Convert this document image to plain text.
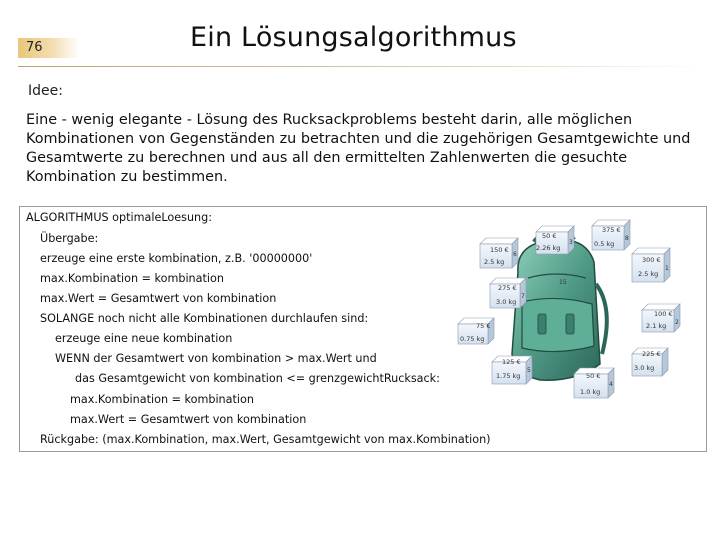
76	Ein Lösungsalgorithmus
Idee:
Eine - wenig elegante - Lösung des Rucksackproblems besteht darin, alle möglichen Kombinationen von Gegenständen zu betrachten und die zugehörigen Gesamtgewichte und Gesamtwerte zu berechnen und aus all den ermittelten Zahlenwerten die gesuchte Kombination zu bestimmen.
ALGORITHMUS optimaleLoesung:
Übergabe:
erzeuge eine erste kombination, z.B. '00000000'
max.Kombination = kombination
max.Wert = Gesamtwert von kombination
SOLANGE noch nicht alle Kombinationen durchlaufen sind:
erzeuge eine neue kombination
WENN der Gesamtwert von kombination > max.Wert und
das Gesamtgewicht von kombination <= grenzgewichtRucksack:
max.Kombination = kombination
max.Wert = Gesamtwert von kombination
Rückgabe: (max.Kombination, max.Wert, Gesamtgewicht von max.Kombination)
15
50 €
2.26 kg
3
375 €
0.5 kg
8
150 €
2.5 kg
6
300 €
2.5 kg
1
275 €
3.0 kg
7
100 €
2.1 kg 2
75 €
0.75 kg
125 €
1.75 kg
5
225 €
3.0 kg
50 €
1.0 kg
4
